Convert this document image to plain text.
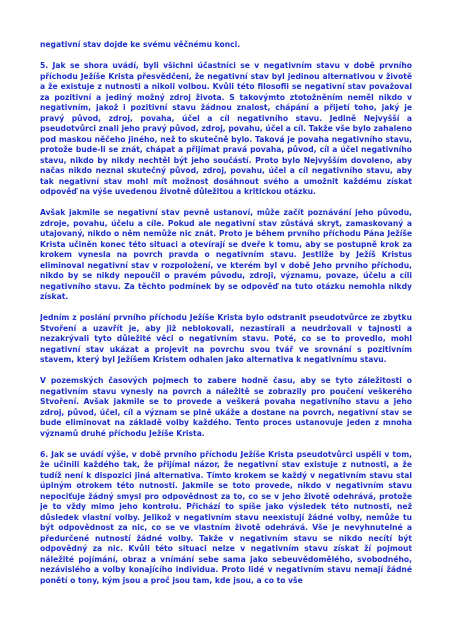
negativní stav dojde ke svému věčnému konci.

5. Jak se shora uvádí, byli všichni účastníci se v negativním stavu v době prvního příchodu Ježíše Krista přesvědčeni, že negativní stav byl jedinou alternativou v životě a že existuje z nutnosti a nikoli volbou. Kvůli této filosofii se negativní stav považoval za pozitivní a jediný možný zdroj života. S takovýmto ztotožněním neměl nikdo v negativním, jakož i pozitivní stavu žádnou znalost, chápání a přijetí toho, jaký je pravý původ, zdroj, povaha, účel a cíl negativního stavu. Jedině Nejvyšší a pseudotvůrci znali jeho pravý původ, zdroj, povahu, účel a cíl. Takže vše bylo zahaleno pod maskou něčeho jiného, než to skutečně bylo. Taková je povaha negativního stavu, protože bude-li se znát, chápat a přijímat pravá povaha, původ, cíl a účel negativního stavu, nikdo by nikdy nechtěl být jeho součástí. Proto bylo Nejvyšším dovoleno, aby načas nikdo neznal skutečný původ, zdroj, povahu, účel a cíl negativního stavu, aby tak negativní stav mohl mít možnost dosáhnout svého a umožnit každému získat odpověď na výše uvedenou životně důležitou a kritickou otázku.

Avšak jakmile se negativní stav pevně ustanoví, může začít poznávání jeho původu, zdroje, povahu, účelu a cíle. Pokud ale negativní stav zůstává skryt, zamaskovaný a utajovaný, nikdo o něm nemůže nic znát. Proto je během prvního příchodu Pána Ježíše Krista učiněn konec této situaci a otevírají se dveře k tomu, aby se postupně krok za krokem vynesla na povrch pravda o negativním stavu. Jestliže by Ježíš Kristus eliminoval negativní stav v rozpoložení, ve kterém byl v době Jeho prvního příchodu, nikdo by se nikdy nepoučil o pravém původu, zdroji, významu, povaze, účelu a cíli negativního stavu. Za těchto podmínek by se odpověď na tuto otázku nemohla nikdy získat.

Jedním z poslání prvního příchodu Ježíše Krista bylo odstranit pseudotvůrce ze zbytku Stvoření a uzavřít je, aby již neblokovali, nezastírali a neudržovali v tajnosti a nezakrývali tyto důležité věci o negativním stavu. Poté, co se to provedlo, mohl negativní stav ukázat a projevit na povrchu svou tvář ve srovnání s pozitivním stavem, který byl Ježíšem Kristem odhalen jako alternativa k negativnímu stavu.

V pozemských časových pojmech to zabere hodně času, aby se tyto záležitosti o negativním stavu vynesly na povrch a náležitě se zobrazily pro poučení veškerého Stvoření. Avšak jakmile se to provede a veškerá povaha negativního stavu a jeho zdroj, původ, účel, cíl a význam se plně ukáže a dostane na povrch, negativní stav se bude eliminovat na základě volby každého. Tento proces ustanovuje jeden z mnoha významů druhé příchodu Ježíše Krista.

6. Jak se uvádí výše, v době prvního příchodu Ježíše Krista pseudotvůrci uspěli v tom, že učinili každého tak, že přijímal názor, že negativní stav existuje z nutnosti, a že tudíž není k dispozici jiná alternativa. Tímto krokem se každý v negativním stavu stal úplným otrokem této nutnosti. Jakmile se toto provede, nikdo v negativním stavu nepociťuje žádný smysl pro odpovědnost za to, co se v jeho životě odehrává, protože je to vždy mimo jeho kontrolu. Přichází to spíše jako výsledek této nutnosti, než důsledek vlastní volby. Jelikož v negativním stavu neexistují žádné volby, nemůže tu být odpovědnost za nic, co se ve vlastním životě odehrává. Vše je nevyhnutelné a předurčené nutností žádné volby. Takže v negativním stavu se nikdo necítí být odpovědný za nic. Kvůli této situaci nelze v negativním stavu získat ží pojmout náležité pojímání, obraz a vnímání sebe sama jako sebeuvědomělého, svobodného, nezávislého a volby konajícího individua. Proto lidé v negativním stavu nemají žádné ponětí o tony, kým jsou a proč jsou tam, kde jsou, a co to vše
